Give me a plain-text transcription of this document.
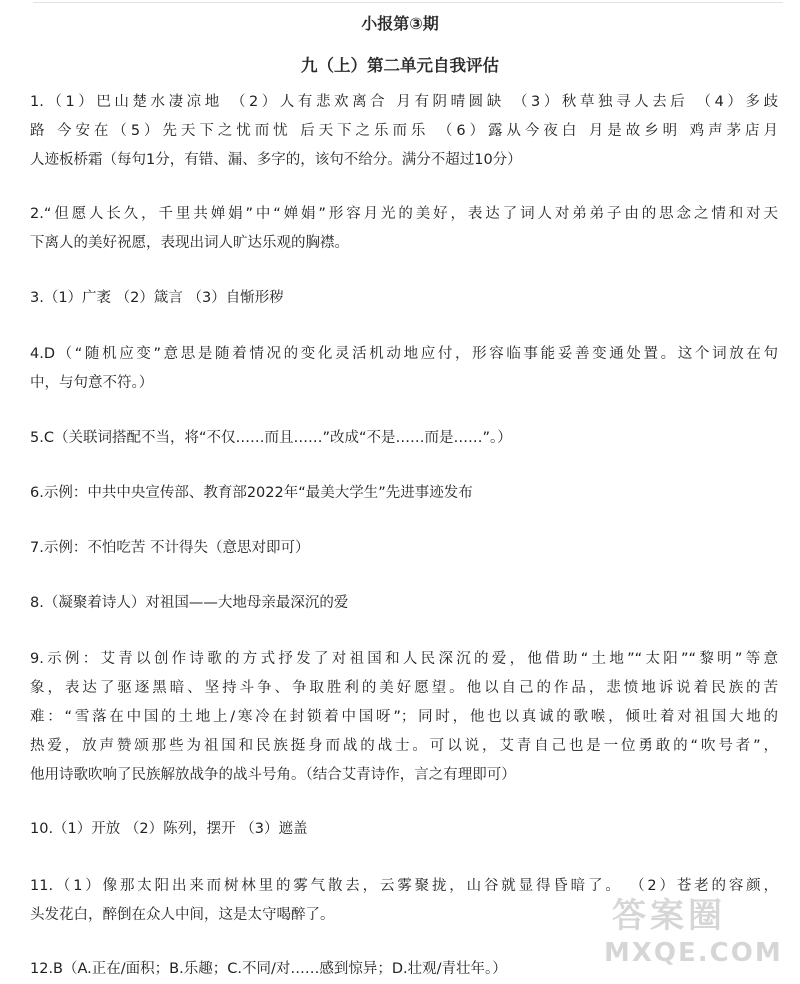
小报第③期
九（上）第二单元自我评估

1.（1）巴山楚水凄凉地 （2）人有悲欢离合 月有阴晴圆缺 （3）秋草独寻人去后 （4）多歧
路 今安在（5）先天下之忧而忧 后天下之乐而乐 （6）露从今夜白 月是故乡明 鸡声茅店月
人迹板桥霜（每句1分，有错、漏、多字的，该句不给分。满分不超过10分）

2.“但愿人长久，千里共婵娟”中“婵娟”形容月光的美好，表达了词人对弟弟子由的思念之情和对天
下离人的美好祝愿，表现出词人旷达乐观的胸襟。

3.（1）广袤 （2）箴言 （3）自惭形秽

4.D（“随机应变”意思是随着情况的变化灵活机动地应付，形容临事能妥善变通处置。这个词放在句
中，与句意不符。）

5.C（关联词搭配不当，将“不仅……而且……”改成“不是……而是……”。）

6.示例：中共中央宣传部、教育部2022年“最美大学生”先进事迹发布

7.示例：不怕吃苦 不计得失（意思对即可）

8.（凝聚着诗人）对祖国——大地母亲最深沉的爱

9.示例：艾青以创作诗歌的方式抒发了对祖国和人民深沉的爱，他借助“土地”“太阳”“黎明”等意
象，表达了驱逐黑暗、坚持斗争、争取胜利的美好愿望。他以自己的作品，悲愤地诉说着民族的苦
难：“雪落在中国的土地上/寒冷在封锁着中国呀”；同时，他也以真诚的歌喉，倾吐着对祖国大地的
热爱，放声赞颂那些为祖国和民族挺身而战的战士。可以说，艾青自己也是一位勇敢的“吹号者”，
他用诗歌吹响了民族解放战争的战斗号角。（结合艾青诗作，言之有理即可）

10.（1）开放 （2）陈列，摆开 （3）遮盖

11.（1）像那太阳出来而树林里的雾气散去，云雾聚拢，山谷就显得昏暗了。 （2）苍老的容颜，
头发花白，醉倒在众人中间，这是太守喝醉了。

12.B（A.正在/面积；B.乐趣；C.不同/对……感到惊异；D.壮观/青壮年。）

答案圈
MXQE.COM
